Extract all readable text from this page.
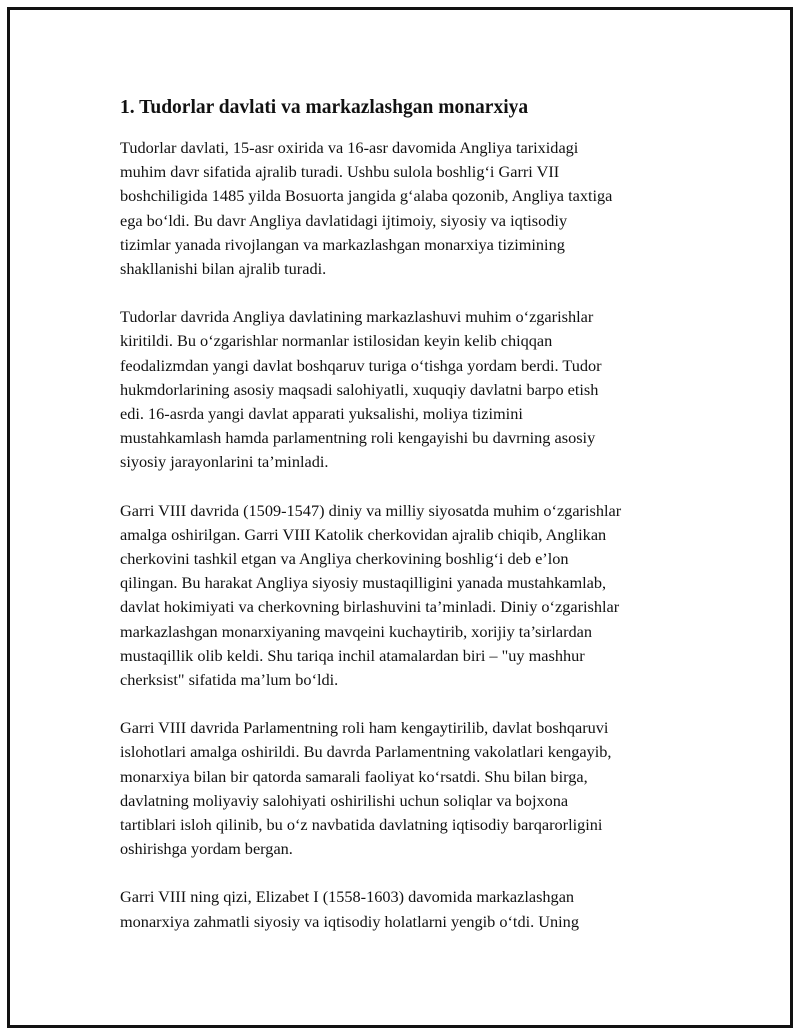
1. Tudorlar davlati va markazlashgan monarxiya

Tudorlar davlati, 15-asr oxirida va 16-asr davomida Angliya tarixidagi
muhim davr sifatida ajralib turadi. Ushbu sulola boshlig‘i Garri VII
boshchiligida 1485 yilda Bosuorta jangida g‘alaba qozonib, Angliya taxtiga
ega bo‘ldi. Bu davr Angliya davlatidagi ijtimoiy, siyosiy va iqtisodiy
tizimlar yanada rivojlangan va markazlashgan monarxiya tizimining
shakllanishi bilan ajralib turadi.

Tudorlar davrida Angliya davlatining markazlashuvi muhim o‘zgarishlar
kiritildi. Bu o‘zgarishlar normanlar istilosidan keyin kelib chiqqan
feodalizmdan yangi davlat boshqaruv turiga o‘tishga yordam berdi. Tudor
hukmdorlarining asosiy maqsadi salohiyatli, xuquqiy davlatni barpo etish
edi. 16-asrda yangi davlat apparati yuksalishi, moliya tizimini
mustahkamlash hamda parlamentning roli kengayishi bu davrning asosiy
siyosiy jarayonlarini ta’minladi.

Garri VIII davrida (1509-1547) diniy va milliy siyosatda muhim o‘zgarishlar
amalga oshirilgan. Garri VIII Katolik cherkovidan ajralib chiqib, Anglikan
cherkovini tashkil etgan va Angliya cherkovining boshlig‘i deb e’lon
qilingan. Bu harakat Angliya siyosiy mustaqilligini yanada mustahkamlab,
davlat hokimiyati va cherkovning birlashuvini ta’minladi. Diniy o‘zgarishlar
markazlashgan monarxiyaning mavqeini kuchaytirib, xorijiy ta’sirlardan
mustaqillik olib keldi. Shu tariqa inchil atamalardan biri – "uy mashhur
cherksist" sifatida ma’lum bo‘ldi.

Garri VIII davrida Parlamentning roli ham kengaytirilib, davlat boshqaruvi
islohotlari amalga oshirildi. Bu davrda Parlamentning vakolatlari kengayib,
monarxiya bilan bir qatorda samarali faoliyat ko‘rsatdi. Shu bilan birga,
davlatning moliyaviy salohiyati oshirilishi uchun soliqlar va bojxona
tartiblari isloh qilinib, bu o‘z navbatida davlatning iqtisodiy barqarorligini
oshirishga yordam bergan.

Garri VIII ning qizi, Elizabet I (1558-1603) davomida markazlashgan
monarxiya zahmatli siyosiy va iqtisodiy holatlarni yengib o‘tdi. Uning
